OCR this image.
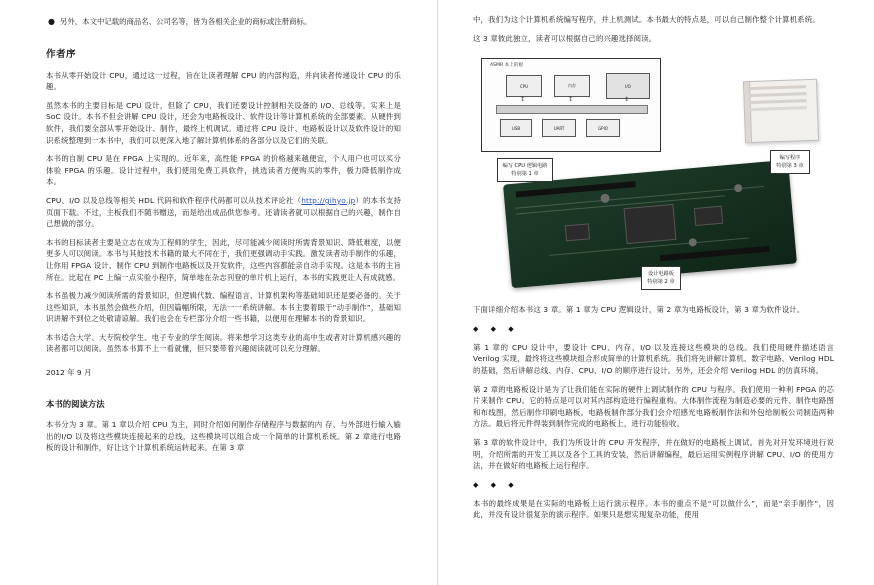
● 另外，本文中记载的商品名、公司名等，皆为各相关企业的商标或注册商标。
作者序

本书从零开始设计 CPU，通过这一过程，旨在让读者理解 CPU 的内部构造，并向读者传递设计 CPU 的乐趣。

虽然本书的主要目标是 CPU 设计，但除了 CPU，我们还要设计控制相关设备的 I/O、总线等。实来上是 SoC 设计。本书不但会讲解 CPU 设计，还会为电路板设计、软件设计等计算机系统的全部要素。从硬件到软件，我们要全部从零开始设计、制作，最终上机调试。通过将 CPU 设计、电路板设计以及软件设计的知识系统整理到一本书中，我们可以更深入地了解计算机体系的各部分以及它们的关联。

本书的自制 CPU 是在 FPGA 上实现的。近年来，高性能 FPGA 的价格越来越便宜，个人用户也可以买分体验 FPGA 的乐趣。设计过程中，我们使用免费工具软件，挑选读者方便购买的零件，极力降低制作成本。

CPU、I/O 以及总线等相关 HDL 代码和软件程序代码都可以从技术评论社（http://gihyo.jp）的本书支持页面下载。不过，主板我们不随书赠送，而是给出成品供您参考。还请读者就可以根据自己的兴趣，制作自己想做的部分。

本书的目标读者主要是立志在成为工程师的学生，因此，尽可能减少阅读时所需背景知识、降低难度，以便更多人可以阅读。本书与其他技术书籍的最大不同在于，我们更强调动手实践。激发读者动手制作的乐趣，让你用 FPGA 设计、制作 CPU 到制作电路板以及开发软件，这些内容都能亲自动手实现。这是本书的主旨所在。比起在 PC 上编一点实验小程序，简单地在杂志刊登的单片机上运行，本书的实践更让人有成就感。

本书虽极力减少阅读所需的背景知识，但逻辑代数、编程语言、计算机架构等基础知识还是要必备的。关于这些知识，本书虽然会做些介绍，但因篇幅所限，无法一一系统讲解。本书主要着眼于“动手制作”，基础知识讲解不到位之处敬请谅解。我们也会在专栏部分介绍一些书籍，以便用在理解本书的背景知识。

本书适合大学、大专院校学生、电子专业的学生阅读。将来想学习这类专业的高中生或者对计算机感兴趣的读者都可以阅读。虽然本书算不上一看就懂，但只要带着兴趣阅读就可以充分理解。

2012 年 9 月
本书的阅读方法

本书分为 3 章。第 1 章以介绍 CPU 为主，同时介绍如何制作存储程序与数据的内 存、与外部进行输入输出的I/O 以及将这些模块连接起来的总线，这些模块可以组合成一个简单的计算机系统。第 2 章进行电路板的设计和制作，好让这个计算机系统运转起来。在第 3 章

中，我们为这个计算机系统编写程序，并上机测试。本书最大的特点是，可以自己制作整个计算机系统。

这 3 章彼此独立，读者可以根据自己的兴趣选择阅读。

ASMR 本上的板
CPU	内存	I/O
↕	↕	↕
USB	UART	GPIO
编写 CPU 逻辑电路
特别第 1 章
设计电路板
特别第 2 章
编写程序
特别第 3 章

下面详细介绍本书这 3 章。第 1 章为 CPU 逻辑设计，第 2 章为电路板设计，第 3 章为软件设计。

◆ ◆ ◆

第 1 章的 CPU 设计中，要设计 CPU、内存、I/O 以及连接这些模块的总线。我们使用硬件描述语言 Verilog 实现，最终将这些模块组合形成简单的计算机系统。我们将先讲解计算机、数字电路、Verilog HDL 的基础，然后讲解总线、内存、CPU、I/O 的顺序进行设计。另外，还会介绍 Verilog HDL 的仿真环境。

第 2 章的电路板设计是为了让我们能在实际的硬件上调试制作的 CPU 与程序。我们使用一种利 FPGA 的芯片来制作 CPU。它的特点是可以对其内部构造进行编程重构。大体制作流程为制造必要的元件、制作电路图和布线图，然后制作印刷电路板。电路板制作部分我们会介绍感光电路板制作法和外包给制板公司制造两种方法。最后将元件焊装到制作完成的电路板上，进行功能验收。

第 3 章的软件设计中，我们为所设计的 CPU 开发程序，并在做好的电路板上调试。首先对开发环境进行说明，介绍所需的开发工具以及各个工具的安装，然后讲解编程，最后运用实例程序讲解 CPU、I/O 的使用方法，并在做好的电路板上运行程序。

◆ ◆ ◆

本书的最终成果是在实际的电路板上运行演示程序。本书的重点不是“可以做什么”，而是“亲手制作”，因此，并没有设计很复杂的演示程序。如果只是想实现复杂功能，使用
